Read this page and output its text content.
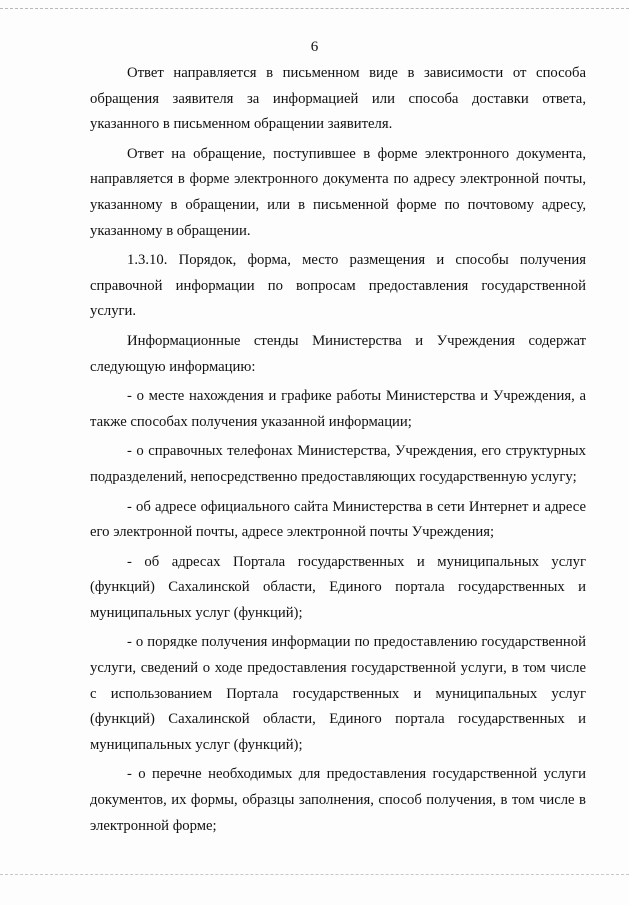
6

Ответ направляется в письменном виде в зависимости от способа обращения заявителя за информацией или способа доставки ответа, указанного в письменном обращении заявителя.

Ответ на обращение, поступившее в форме электронного документа, направляется в форме электронного документа по адресу электронной почты, указанному в обращении, или в письменной форме по почтовому адресу, указанному в обращении.

1.3.10. Порядок, форма, место размещения и способы получения справочной информации по вопросам предоставления государственной услуги.

Информационные стенды Министерства и Учреждения содержат следующую информацию:

- о месте нахождения и графике работы Министерства и Учреждения, а также способах получения указанной информации;

- о справочных телефонах Министерства, Учреждения, его структурных подразделений, непосредственно предоставляющих государственную услугу;

- об адресе официального сайта Министерства в сети Интернет и адресе его электронной почты, адресе электронной почты Учреждения;

- об адресах Портала государственных и муниципальных услуг (функций) Сахалинской области, Единого портала государственных и муниципальных услуг (функций);

- о порядке получения информации по предоставлению государственной услуги, сведений о ходе предоставления государственной услуги, в том числе с использованием Портала государственных и муниципальных услуг (функций) Сахалинской области, Единого портала государственных и муниципальных услуг (функций);

- о перечне необходимых для предоставления государственной услуги документов, их формы, образцы заполнения, способ получения, в том числе в электронной форме;
